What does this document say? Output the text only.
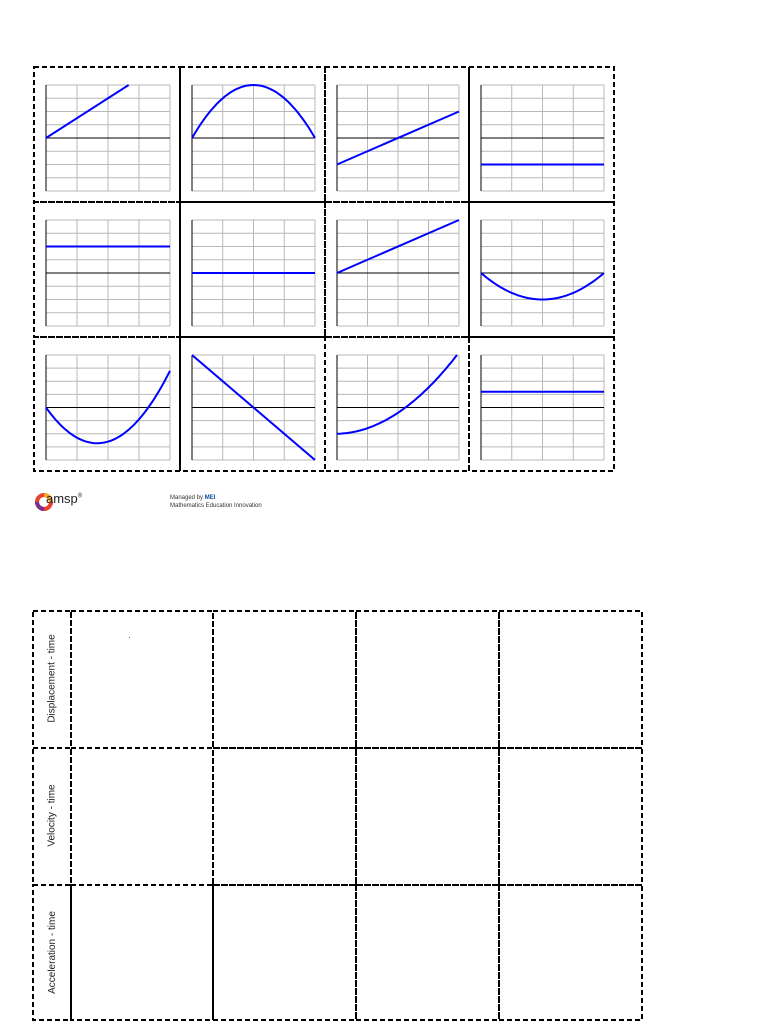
amsp®	Managed by MEI
Mathematics Education Innovation
Displacement - time
Velocity - time
Acceleration - time
